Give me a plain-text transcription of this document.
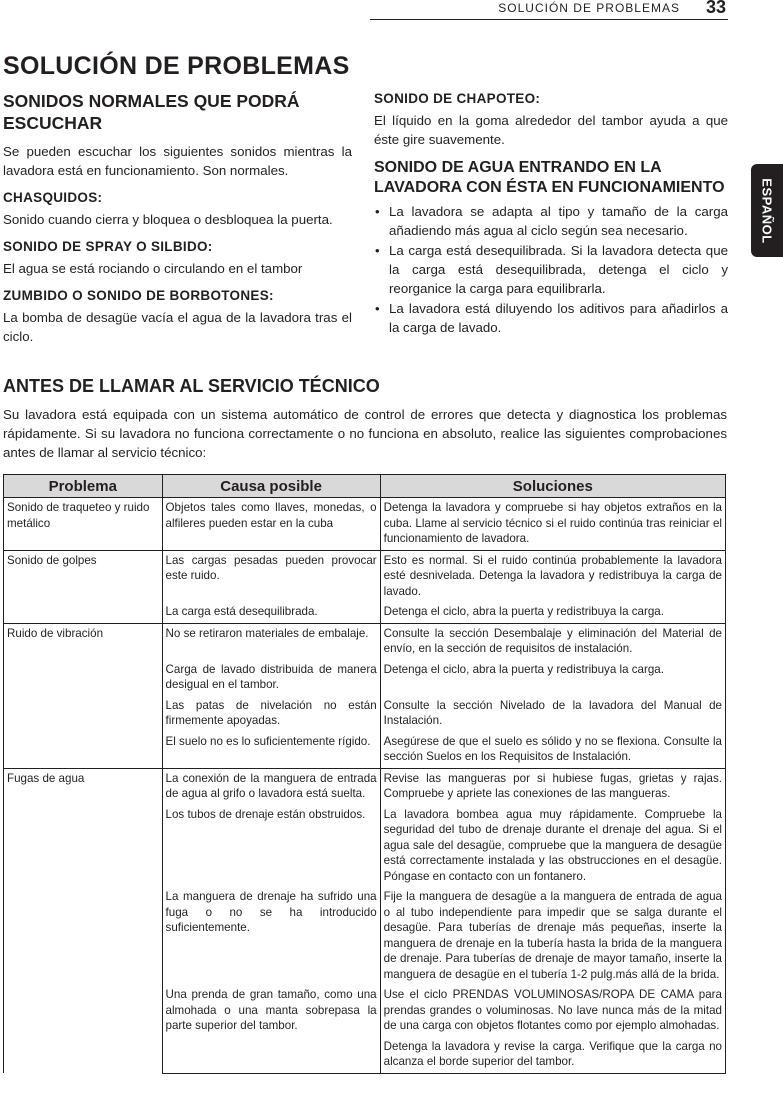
SOLUCIÓN DE PROBLEMAS 33
ESPAÑOL
SOLUCIÓN DE PROBLEMAS
SONIDOS NORMALES QUE PODRÁ ESCUCHAR

Se pueden escuchar los siguientes sonidos mientras la lavadora está en funcionamiento. Son normales.

CHASQUIDOS:

Sonido cuando cierra y bloquea o desbloquea la puerta.

SONIDO DE SPRAY O SILBIDO:

El agua se está rociando o circulando en el tambor

ZUMBIDO O SONIDO DE BORBOTONES:

La bomba de desagüe vacía el agua de la lavadora tras el ciclo.

SONIDO DE CHAPOTEO:

El líquido en la goma alrededor del tambor ayuda a que éste gire suavemente.

SONIDO DE AGUA ENTRANDO EN LA LAVADORA CON ÉSTA EN FUNCIONAMIENTO
• La lavadora se adapta al tipo y tamaño de la carga añadiendo más agua al ciclo según sea necesario.
• La carga está desequilibrada. Si la lavadora detecta que la carga está desequilibrada, detenga el ciclo y reorganice la carga para equilibrarla.
• La lavadora está diluyendo los aditivos para añadirlos a la carga de lavado.
ANTES DE LLAMAR AL SERVICIO TÉCNICO

Su lavadora está equipada con un sistema automático de control de errores que detecta y diagnostica los problemas rápidamente. Si su lavadora no funciona correctamente o no funciona en absoluto, realice las siguientes comprobaciones antes de llamar al servicio técnico:

Problema	Causa posible	Soluciones
Sonido de traqueteo y ruido metálico	Objetos tales como llaves, monedas, o alfileres pueden estar en la cuba	Detenga la lavadora y compruebe si hay objetos extraños en la cuba. Llame al servicio técnico si el ruido continúa tras reiniciar el funcionamiento de lavadora.
Sonido de golpes	Las cargas pesadas pueden provocar este ruido.	Esto es normal. Si el ruido continúa probablemente la lavadora esté desnivelada. Detenga la lavadora y redistribuya la carga de lavado.
	La carga está desequilibrada.	Detenga el ciclo, abra la puerta y redistribuya la carga.
Ruido de vibración	No se retiraron materiales de embalaje.	Consulte la sección Desembalaje y eliminación del Material de envío, en la sección de requisitos de instalación.
	Carga de lavado distribuida de manera desigual en el tambor.	Detenga el ciclo, abra la puerta y redistribuya la carga.
	Las patas de nivelación no están firmemente apoyadas.	Consulte la sección Nivelado de la lavadora del Manual de Instalación.
	El suelo no es lo suficientemente rígido.	Asegúrese de que el suelo es sólido y no se flexiona. Consulte la sección Suelos en los Requisitos de Instalación.
Fugas de agua	La conexión de la manguera de entrada de agua al grifo o lavadora está suelta.	Revise las mangueras por si hubiese fugas, grietas y rajas. Compruebe y apriete las conexiones de las mangueras.
	Los tubos de drenaje están obstruidos.	La lavadora bombea agua muy rápidamente. Compruebe la seguridad del tubo de drenaje durante el drenaje del agua. Si el agua sale del desagüe, compruebe que la manguera de desagüe está correctamente instalada y las obstrucciones en el desagüe. Póngase en contacto con un fontanero.
	La manguera de drenaje ha sufrido una fuga o no se ha introducido suficientemente.	Fije la manguera de desagüe a la manguera de entrada de agua o al tubo independiente para impedir que se salga durante el desagüe. Para tuberías de drenaje más pequeñas, inserte la manguera de drenaje en la tubería hasta la brida de la manguera de drenaje. Para tuberías de drenaje de mayor tamaño, inserte la manguera de desagüe en el tubería 1-2 pulg.más allá de la brida.
	Una prenda de gran tamaño, como una almohada o una manta sobrepasa la parte superior del tambor.	Use el ciclo PRENDAS VOLUMINOSAS/ROPA DE CAMA para prendas grandes o voluminosas. No lave nunca más de la mitad de una carga con objetos flotantes como por ejemplo almohadas.
		Detenga la lavadora y revise la carga. Verifique que la carga no alcanza el borde superior del tambor.
